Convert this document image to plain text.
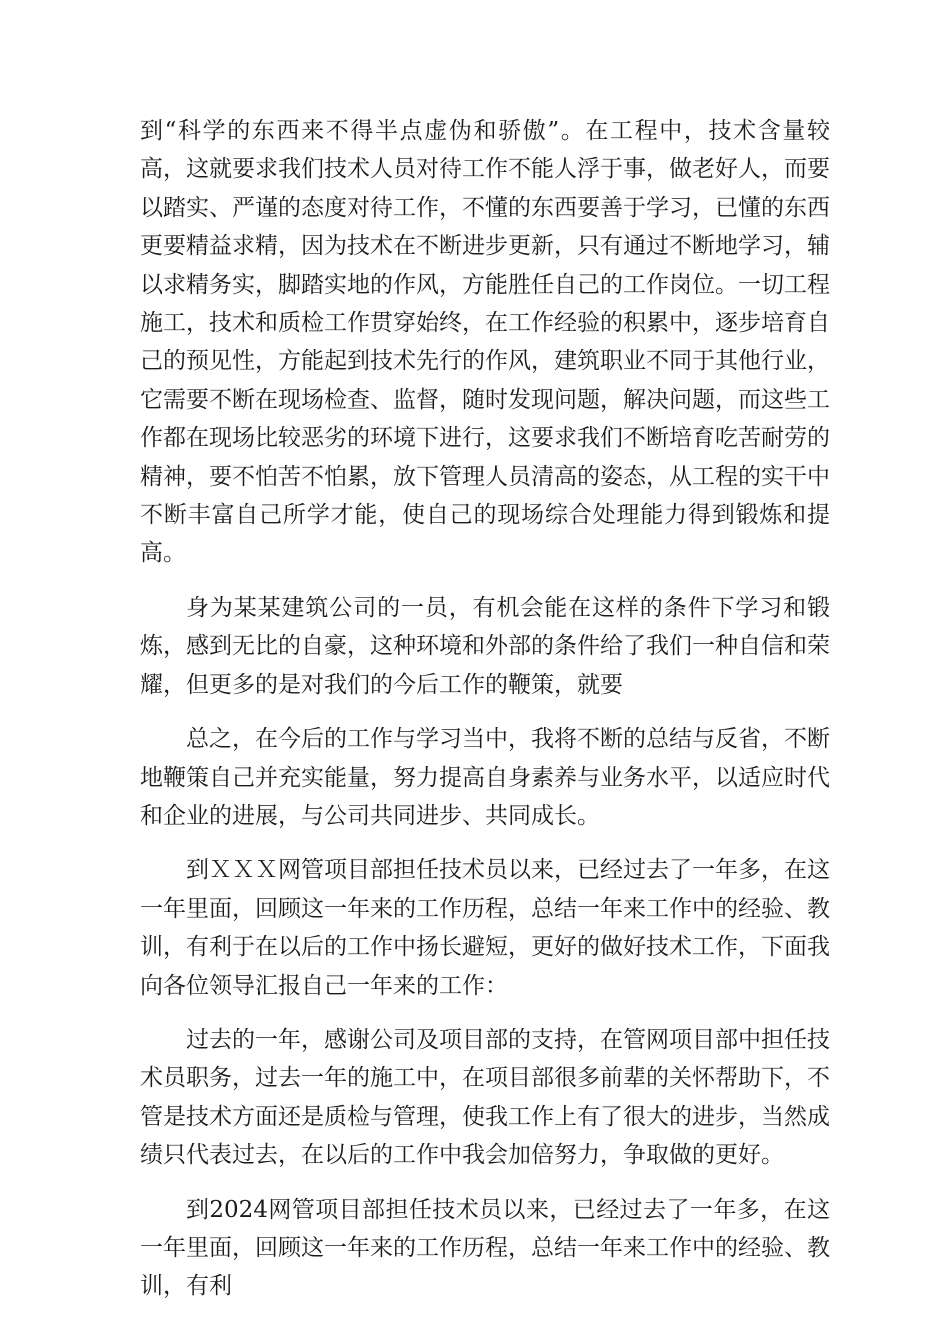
到“科学的东西来不得半点虚伪和骄傲”。在工程中，技术含量较高，这就要求我们技术人员对待工作不能人浮于事，做老好人，而要以踏实、严谨的态度对待工作，不懂的东西要善于学习，已懂的东西更要精益求精，因为技术在不断进步更新，只有通过不断地学习，辅以求精务实，脚踏实地的作风，方能胜任自己的工作岗位。一切工程施工，技术和质检工作贯穿始终，在工作经验的积累中，逐步培育自己的预见性，方能起到技术先行的作风，建筑职业不同于其他行业，它需要不断在现场检查、监督，随时发现问题，解决问题，而这些工作都在现场比较恶劣的环境下进行，这要求我们不断培育吃苦耐劳的精神，要不怕苦不怕累，放下管理人员清高的姿态，从工程的实干中不断丰富自己所学才能，使自己的现场综合处理能力得到锻炼和提高。

身为某某建筑公司的一员，有机会能在这样的条件下学习和锻炼，感到无比的自豪，这种环境和外部的条件给了我们一种自信和荣耀，但更多的是对我们的今后工作的鞭策，就要

总之，在今后的工作与学习当中，我将不断的总结与反省，不断地鞭策自己并充实能量，努力提高自身素养与业务水平，以适应时代和企业的进展，与公司共同进步、共同成长。

到ＸＸＸ网管项目部担任技术员以来，已经过去了一年多，在这一年里面，回顾这一年来的工作历程，总结一年来工作中的经验、教训，有利于在以后的工作中扬长避短，更好的做好技术工作，下面我向各位领导汇报自己一年来的工作：

过去的一年，感谢公司及项目部的支持，在管网项目部中担任技术员职务，过去一年的施工中，在项目部很多前辈的关怀帮助下，不管是技术方面还是质检与管理，使我工作上有了很大的进步，当然成绩只代表过去，在以后的工作中我会加倍努力，争取做的更好。

到2024网管项目部担任技术员以来，已经过去了一年多，在这一年里面，回顾这一年来的工作历程，总结一年来工作中的经验、教训，有利
